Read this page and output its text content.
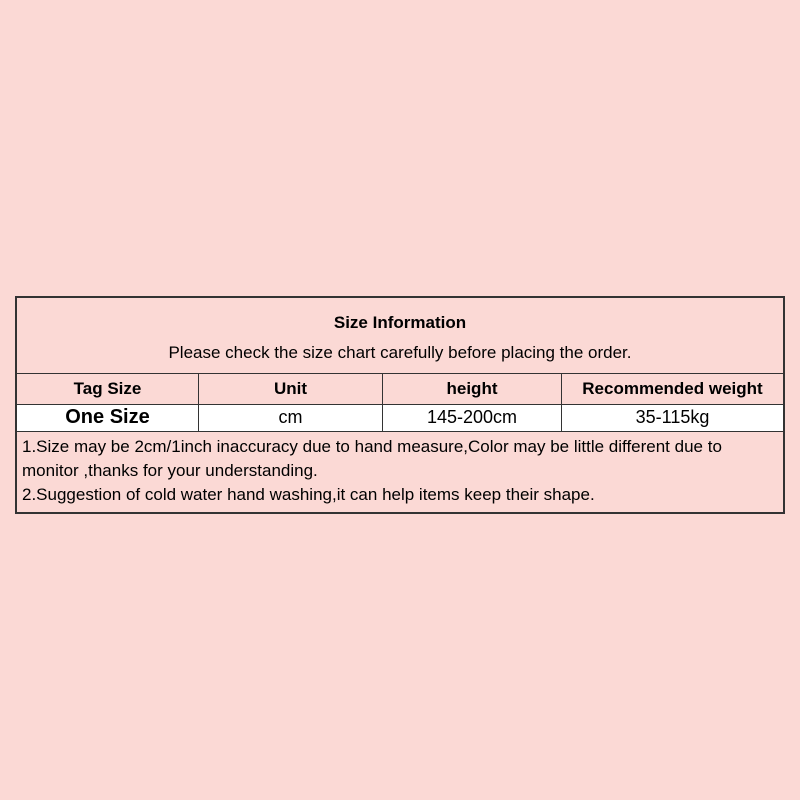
Size Information
Please check the size chart carefully before placing the order.
Tag Size	Unit	height	Recommended weight
One Size	cm	145-200cm	35-115kg

1.Size may be 2cm/1inch inaccuracy due to hand measure,Color may be little different due to monitor ,thanks for your understanding.

2.Suggestion of cold water hand washing,it can help items keep their shape.
